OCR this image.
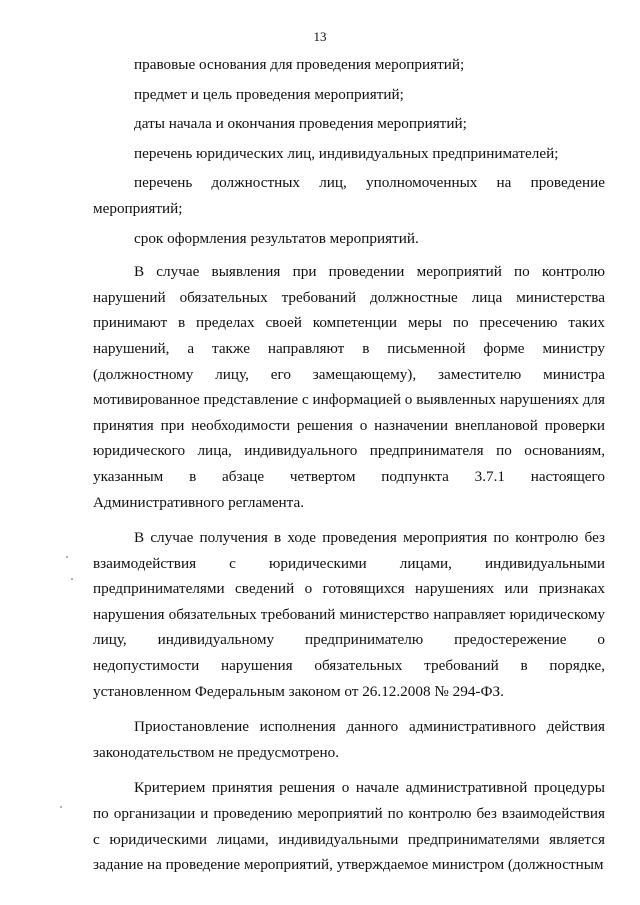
13

правовые основания для проведения мероприятий;

предмет и цель проведения мероприятий;

даты начала и окончания проведения мероприятий;

перечень юридических лиц, индивидуальных предпринимателей;

перечень должностных лиц, уполномоченных на проведение мероприятий;

срок оформления результатов мероприятий.

В случае выявления при проведении мероприятий по контролю нарушений обязательных требований должностные лица министерства принимают в пределах своей компетенции меры по пресечению таких нарушений, а также направляют в письменной форме министру (должностному лицу, его замещающему), заместителю министра мотивированное представление с информацией о выявленных нарушениях для принятия при необходимости решения о назначении внеплановой проверки юридического лица, индивидуального предпринимателя по основаниям, указанным в абзаце четвертом подпункта 3.7.1 настоящего Административного регламента.

В случае получения в ходе проведения мероприятия по контролю без взаимодействия с юридическими лицами, индивидуальными предпринимателями сведений о готовящихся нарушениях или признаках нарушения обязательных требований министерство направляет юридическому лицу, индивидуальному предпринимателю предостережение о недопустимости нарушения обязательных требований в порядке, установленном Федеральным законом от 26.12.2008 № 294-ФЗ.

Приостановление исполнения данного административного действия законодательством не предусмотрено.

Критерием принятия решения о начале административной процедуры по организации и проведению мероприятий по контролю без взаимодействия с юридическими лицами, индивидуальными предпринимателями является задание на проведение мероприятий, утверждаемое министром (должностным
